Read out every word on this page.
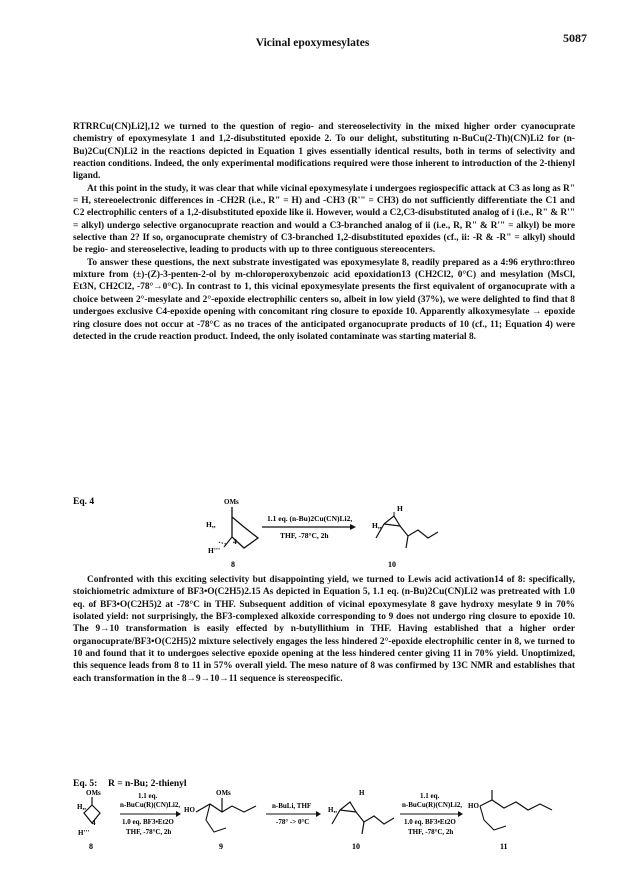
Vicinal epoxymesylates	5087

RTRRCu(CN)Li2],12 we turned to the question of regio- and stereoselectivity in the mixed higher order cyanocuprate chemistry of epoxymesylate 1 and 1,2-disubstituted epoxide 2. To our delight, substituting n-BuCu(2-Th)(CN)Li2 for (n-Bu)2Cu(CN)Li2 in the reactions depicted in Equation 1 gives essentially identical results, both in terms of selectivity and reaction conditions. Indeed, the only experimental modifications required were those inherent to introduction of the 2-thienyl ligand.

At this point in the study, it was clear that while vicinal epoxymesylate i undergoes regiospecific attack at C3 as long as R" = H, stereoelectronic differences in -CH2R (i.e., R" = H) and -CH3 (R'" = CH3) do not sufficiently differentiate the C1 and C2 electrophilic centers of a 1,2-disubstituted epoxide like ii. However, would a C2,C3-disubstituted analog of i (i.e., R" & R'" = alkyl) undergo selective organocuprate reaction and would a C3-branched analog of ii (i.e., R, R" & R'" = alkyl) be more selective than 2? If so, organocuprate chemistry of C3-branched 1,2-disubstituted epoxides (cf., ii: -R & -R" = alkyl) should be regio- and stereoselective, leading to products with up to three contiguous stereocenters.

To answer these questions, the next substrate investigated was epoxymesylate 8, readily prepared as a 4:96 erythro:threo mixture from (±)-(Z)-3-penten-2-ol by m-chloroperoxybenzoic acid epoxidation13 (CH2Cl2, 0°C) and mesylation (MsCl, Et3N, CH2Cl2, -78°→0°C). In contrast to 1, this vicinal epoxymesylate presents the first equivalent of organocuprate with a choice between 2°-mesylate and 2°-epoxide electrophilic centers so, albeit in low yield (37%), we were delighted to find that 8 undergoes exclusive C4-epoxide opening with concomitant ring closure to epoxide 10. Apparently alkoxymesylate → epoxide ring closure does not occur at -78°C as no traces of the anticipated organocuprate products of 10 (cf., 11; Equation 4) were detected in the crude reaction product. Indeed, the only isolated contaminate was starting material 8.

Eq. 4	OMs
H,,
H'''
4
8
1.1 eq. (n-Bu)2Cu(CN)Li2,
THF, -78°C, 2h
H,,
H
10

Confronted with this exciting selectivity but disappointing yield, we turned to Lewis acid activation14 of 8: specifically, stoichiometric admixture of BF3•O(C2H5)2.15 As depicted in Equation 5, 1.1 eq. (n-Bu)2Cu(CN)Li2 was pretreated with 1.0 eq. of BF3•O(C2H5)2 at -78°C in THF. Subsequent addition of vicinal epoxymesylate 8 gave hydroxy mesylate 9 in 70% isolated yield: not surprisingly, the BF3-complexed alkoxide corresponding to 9 does not undergo ring closure to epoxide 10. The 9→10 transformation is easily effected by n-butyllithium in THF. Having established that a higher order organocuprate/BF3•O(C2H5)2 mixture selectively engages the less hindered 2°-epoxide electrophilic center in 8, we turned to 10 and found that it to undergoes selective epoxide opening at the less hindered center giving 11 in 70% yield. Unoptimized, this sequence leads from 8 to 11 in 57% overall yield. The meso nature of 8 was confirmed by 13C NMR and establishes that each transformation in the 8→9→10→11 sequence is stereospecific.

Eq. 5: R = n-Bu; 2-thienyl
OMs
H,,
H'''
4
8
1.1 eq.
n-BuCu(R)(CN)Li2,
1.0 eq. BF3•Et2O
THF, -78°C, 2h
HO
OMs
9
n-BuLi, THF
-78° -> 0°C
H
H,,
10
1.1 eq.
n-BuCu(R)(CN)Li2,
1.0 eq. BF3•Et2O
THF, -78°C, 2h
HO
11
